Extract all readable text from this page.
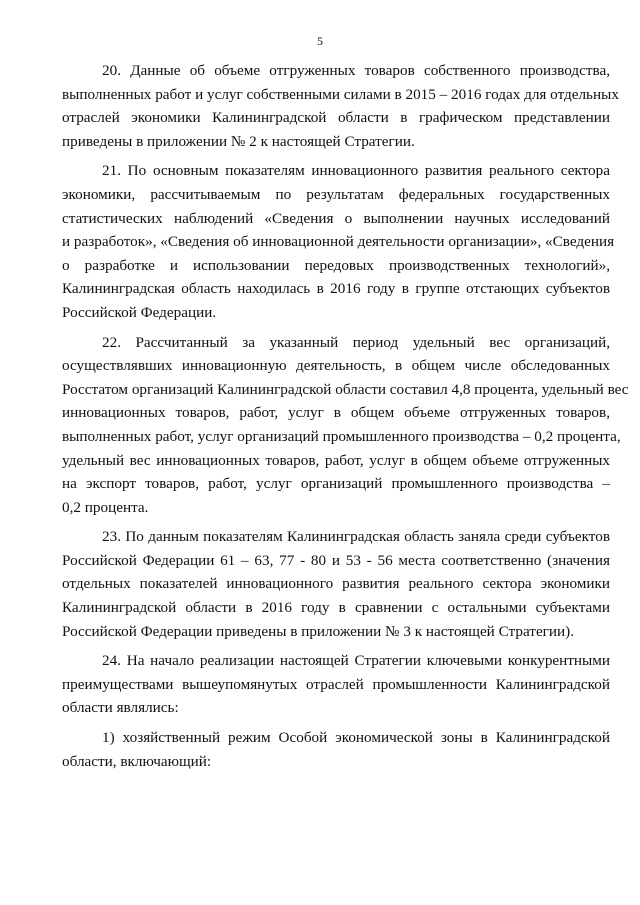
5

20. Данные об объеме отгруженных товаров собственного производства,
выполненных работ и услуг собственными силами в 2015 – 2016 годах для отдельных
отраслей экономики Калининградской области в графическом представлении
приведены в приложении № 2 к настоящей Стратегии.

21. По основным показателям инновационного развития реального сектора
экономики, рассчитываемым по результатам федеральных государственных
статистических наблюдений «Сведения о выполнении научных исследований
и разработок», «Сведения об инновационной деятельности организации», «Сведения
о разработке и использовании передовых производственных технологий»,
Калининградская область находилась в 2016 году в группе отстающих субъектов
Российской Федерации.

22. Рассчитанный за указанный период удельный вес организаций,
осуществлявших инновационную деятельность, в общем числе обследованных
Росстатом организаций Калининградской области составил 4,8 процента, удельный вес
инновационных товаров, работ, услуг в общем объеме отгруженных товаров,
выполненных работ, услуг организаций промышленного производства – 0,2 процента,
удельный вес инновационных товаров, работ, услуг в общем объеме отгруженных
на экспорт товаров, работ, услуг организаций промышленного производства –
0,2 процента.

23. По данным показателям Калининградская область заняла среди субъектов
Российской Федерации 61 – 63, 77 - 80 и 53 - 56 места соответственно (значения
отдельных показателей инновационного развития реального сектора экономики
Калининградской области в 2016 году в сравнении с остальными субъектами
Российской Федерации приведены в приложении № 3 к настоящей Стратегии).

24. На начало реализации настоящей Стратегии ключевыми конкурентными
преимуществами вышеупомянутых отраслей промышленности Калининградской
области являлись:

1) хозяйственный режим Особой экономической зоны в Калининградской
области, включающий:
